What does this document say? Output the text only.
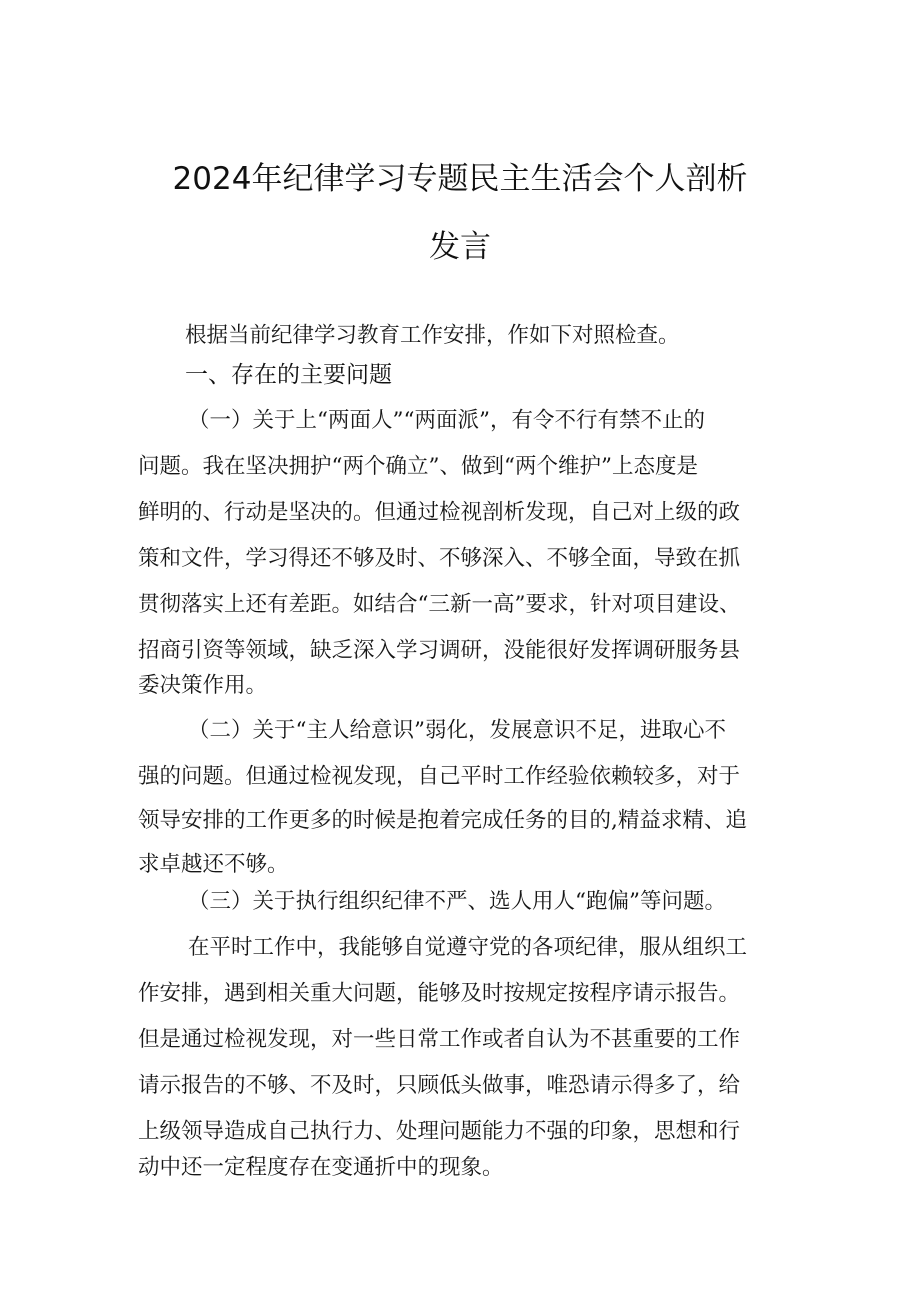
2024年纪律学习专题民主生活会个人剖析
发言
根据当前纪律学习教育工作安排，作如下对照检查。
一、存在的主要问题
（一）关于上“两面人”“两面派”，有令不行有禁不止的
问题。我在坚决拥护“两个确立”、做到“两个维护”上态度是
鲜明的、行动是坚决的。但通过检视剖析发现，自己对上级的政
策和文件，学习得还不够及时、不够深入、不够全面，导致在抓
贯彻落实上还有差距。如结合“三新一高”要求，针对项目建设、
招商引资等领域，缺乏深入学习调研，没能很好发挥调研服务县
委决策作用。
（二）关于“主人给意识”弱化，发展意识不足，进取心不
强的问题。但通过检视发现，自己平时工作经验依赖较多，对于
领导安排的工作更多的时候是抱着完成任务的目的,精益求精、追
求卓越还不够。
（三）关于执行组织纪律不严、选人用人“跑偏”等问题。
在平时工作中，我能够自觉遵守党的各项纪律，服从组织工
作安排，遇到相关重大问题，能够及时按规定按程序请示报告。
但是通过检视发现，对一些日常工作或者自认为不甚重要的工作
请示报告的不够、不及时，只顾低头做事，唯恐请示得多了，给
上级领导造成自己执行力、处理问题能力不强的印象，思想和行
动中还一定程度存在变通折中的现象。
